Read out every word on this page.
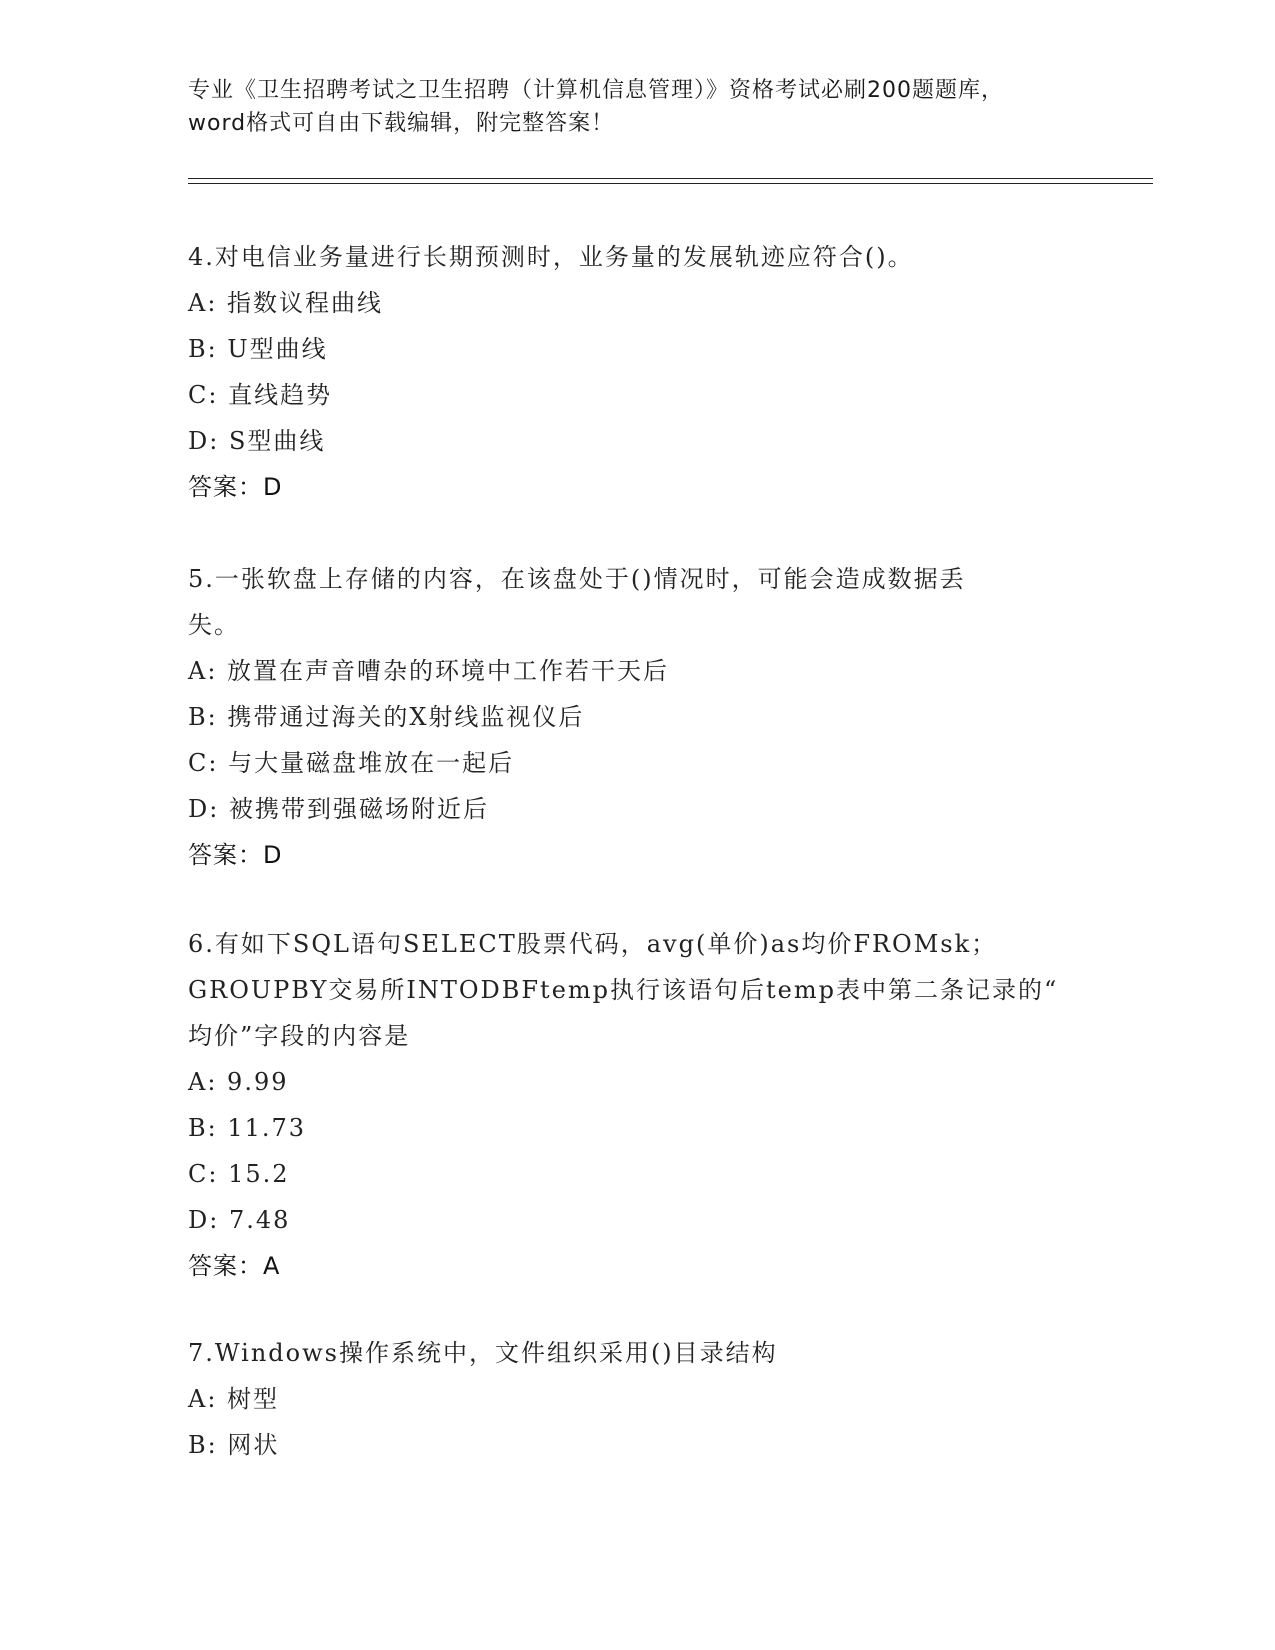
专业《卫生招聘考试之卫生招聘（计算机信息管理）》资格考试必刷200题题库，
word格式可自由下载编辑，附完整答案！

4.对电信业务量进行长期预测时，业务量的发展轨迹应符合()。

A: 指数议程曲线

B: U型曲线

C: 直线趋势

D: S型曲线

答案：D

5.一张软盘上存储的内容，在该盘处于()情况时，可能会造成数据丢

失。

A: 放置在声音嘈杂的环境中工作若干天后

B: 携带通过海关的X射线监视仪后

C: 与大量磁盘堆放在一起后

D: 被携带到强磁场附近后

答案：D

6.有如下SQL语句SELECT股票代码，avg(单价)as均价FROMsk；

GROUPBY交易所INTODBFtemp执行该语句后temp表中第二条记录的“

均价”字段的内容是

A: 9.99

B: 11.73

C: 15.2

D: 7.48

答案：A

7.Windows操作系统中，文件组织采用()目录结构

A: 树型

B: 网状
